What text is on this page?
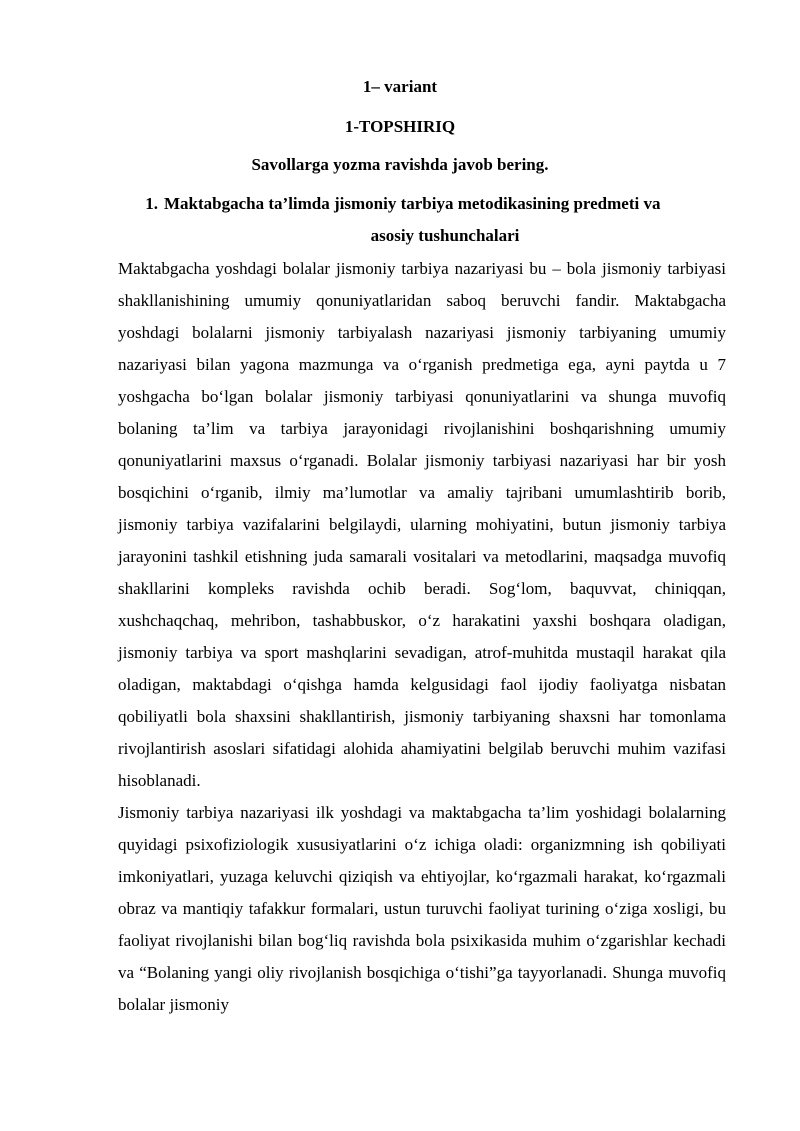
1– variant
1-TOPSHIRIQ
Savollarga yozma ravishda javob bering.
1. Maktabgacha ta’limda jismoniy tarbiya metodikasining predmeti va
asosiy tushunchalari
Maktabgacha yoshdagi bolalar jismoniy tarbiya nazariyasi bu – bola jismoniy tarbiyasi shakllanishining umumiy qonuniyatlaridan saboq beruvchi fandir. Maktabgacha yoshdagi bolalarni jismoniy tarbiyalash nazariyasi jismoniy tarbiyaning umumiy nazariyasi bilan yagona mazmunga va o‘rganish predmetiga ega, ayni paytda u 7 yoshgacha bo‘lgan bolalar jismoniy tarbiyasi qonuniyatlarini va shunga muvofiq bolaning ta’lim va tarbiya jarayonidagi rivojlanishini boshqarishning umumiy qonuniyatlarini maxsus o‘rganadi. Bolalar jismoniy tarbiyasi nazariyasi har bir yosh bosqichini o‘rganib, ilmiy ma’lumotlar va amaliy tajribani umumlashtirib borib, jismoniy tarbiya vazifalarini belgilaydi, ularning mohiyatini, butun jismoniy tarbiya jarayonini tashkil etishning juda samarali vositalari va metodlarini, maqsadga muvofiq shakllarini kompleks ravishda ochib beradi. Sog‘lom, baquvvat, chiniqqan, xushchaqchaq, mehribon, tashabbuskor, o‘z harakatini yaxshi boshqara oladigan, jismoniy tarbiya va sport mashqlarini sevadigan, atrof-muhitda mustaqil harakat qila oladigan, maktabdagi o‘qishga hamda kelgusidagi faol ijodiy faoliyatga nisbatan qobiliyatli bola shaxsini shakllantirish, jismoniy tarbiyaning shaxsni har tomonlama rivojlantirish asoslari sifatidagi alohida ahamiyatini belgilab beruvchi muhim vazifasi hisoblanadi.
Jismoniy tarbiya nazariyasi ilk yoshdagi va maktabgacha ta’lim yoshidagi bolalarning quyidagi psixofiziologik xususiyatlarini o‘z ichiga oladi: organizmning ish qobiliyati imkoniyatlari, yuzaga keluvchi qiziqish va ehtiyojlar, ko‘rgazmali harakat, ko‘rgazmali obraz va mantiqiy tafakkur formalari, ustun turuvchi faoliyat turining o‘ziga xosligi, bu faoliyat rivojlanishi bilan bog‘liq ravishda bola psixikasida muhim o‘zgarishlar kechadi va “Bolaning yangi oliy rivojlanish bosqichiga o‘tishi”ga tayyorlanadi. Shunga muvofiq bolalar jismoniy
